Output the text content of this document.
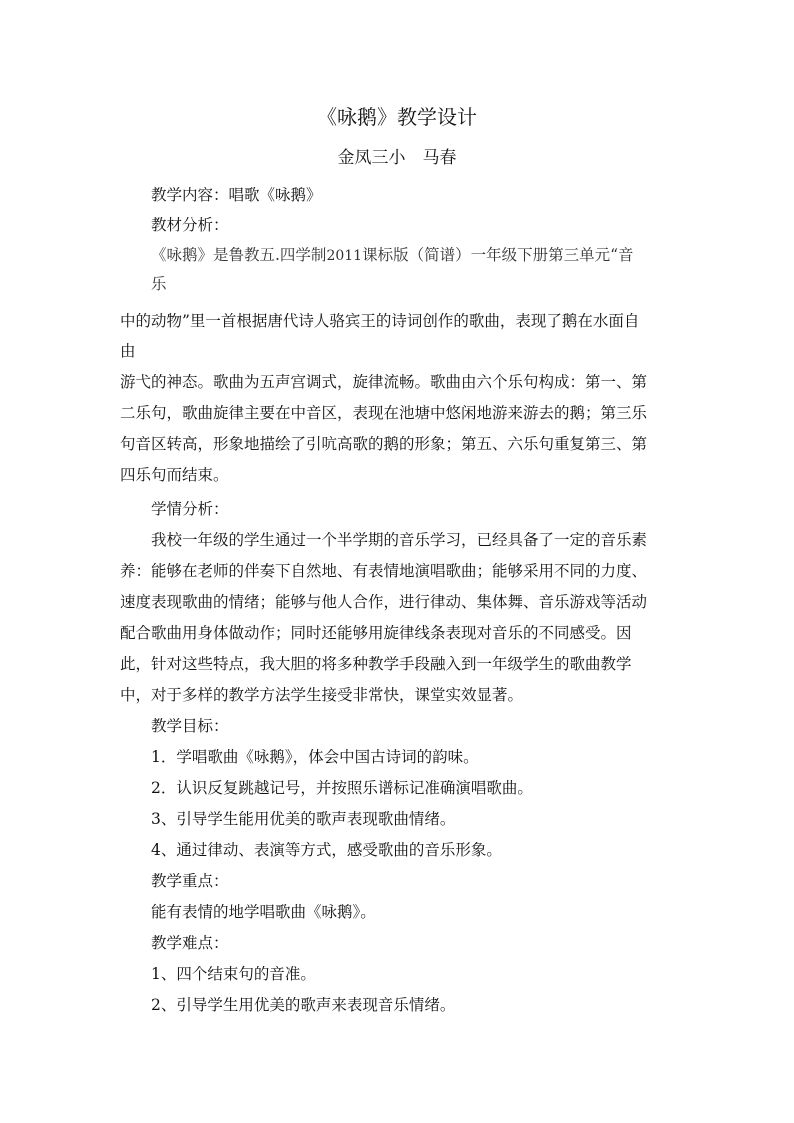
《咏鹅》教学设计
金凤三小　马春
教学内容：唱歌《咏鹅》
教材分析：
《咏鹅》是鲁教五.四学制2011课标版（简谱）一年级下册第三单元“音
乐
中的动物”里一首根据唐代诗人骆宾王的诗词创作的歌曲，表现了鹅在水面自
由
游弋的神态。歌曲为五声宫调式，旋律流畅。歌曲由六个乐句构成：第一、第
二乐句，歌曲旋律主要在中音区，表现在池塘中悠闲地游来游去的鹅；第三乐
句音区转高，形象地描绘了引吭高歌的鹅的形象；第五、六乐句重复第三、第
四乐句而结束。
学情分析：
我校一年级的学生通过一个半学期的音乐学习，已经具备了一定的音乐素
养：能够在老师的伴奏下自然地、有表情地演唱歌曲；能够采用不同的力度、
速度表现歌曲的情绪；能够与他人合作，进行律动、集体舞、音乐游戏等活动
配合歌曲用身体做动作；同时还能够用旋律线条表现对音乐的不同感受。因
此，针对这些特点，我大胆的将多种教学手段融入到一年级学生的歌曲教学
中，对于多样的教学方法学生接受非常快，课堂实效显著。
教学目标：
1．学唱歌曲《咏鹅》，体会中国古诗词的韵味。
2．认识反复跳越记号，并按照乐谱标记准确演唱歌曲。
3、引导学生能用优美的歌声表现歌曲情绪。
4、通过律动、表演等方式，感受歌曲的音乐形象。
教学重点：
能有表情的地学唱歌曲《咏鹅》。
教学难点：
1、四个结束句的音准。
2、引导学生用优美的歌声来表现音乐情绪。
